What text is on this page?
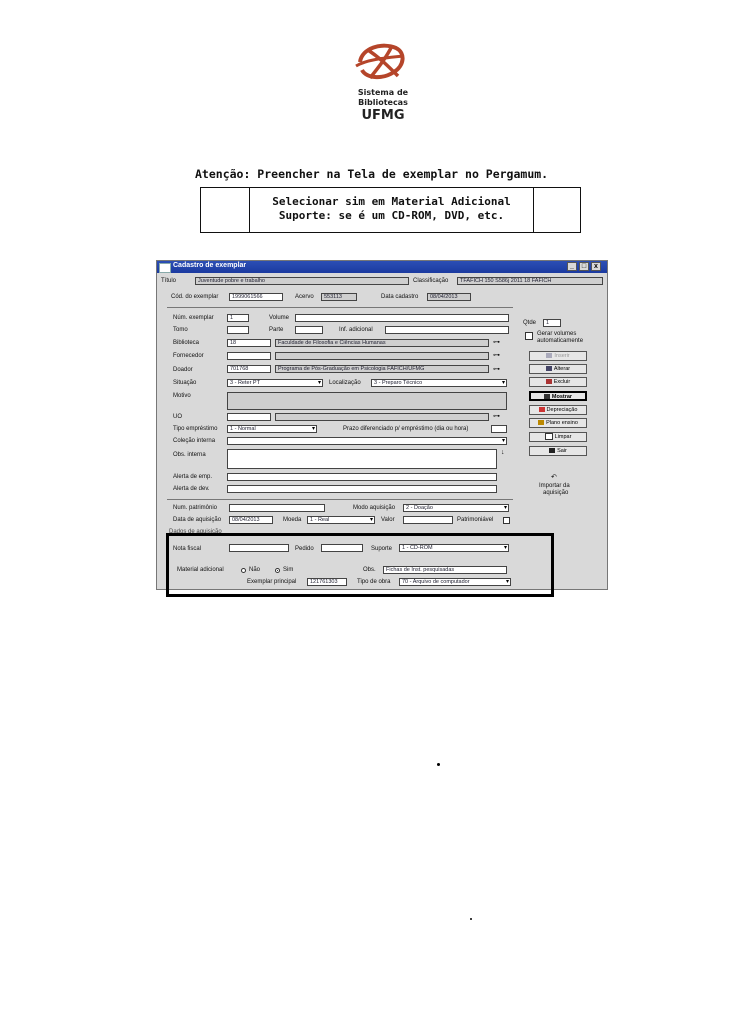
Sistema de
Bibliotecas
UFMG
Atenção: Preencher na Tela de exemplar no Pergamum.
Selecionar sim em Material Adicional
Suporte: se é um CD-ROM, DVD, etc.
Cadastro de exemplar	_	□	x
Título	Juventude pobre e trabalho	Classificação	TFAFICH 150 S586j 2011 18 FAFICH
Cód. do exemplar	1999061566	Acervo	553113	Data cadastro	08/04/2013
Núm. exemplar	1	Volume
Tomo	Parte	Inf. adicional
Biblioteca	18	Faculdade de Filosofia e Ciências Humanas	⊶
Fornecedor	⊶
Doador	701768	Programa de Pós-Graduação em Psicologia FAFICH/UFMG	⊶
Situação	3 - Reter PT ▾	Localização	3 - Preparo Técnico ▾
Motivo
UO	⊶
Tipo empréstimo	1 - Normal ▾	Prazo diferenciado p/ empréstimo (dia ou hora)
Coleção interna
▾
Obs. interna	↓
Alerta de emp.
Alerta de dev.
Qtde	1
Gerar volumes
automaticamente
Inserir
Alterar
Excluir
Mostrar
Depreciação
Plano ensino
Limpar
Sair
↶
Importar da
aquisição
Num. patrimônio	Modo aquisição	2 - Doação ▾
Data de aquisição	08/04/2013	Moeda	1 - Real ▾	Valor	Patrimoniável
Dados de aquisição
Nota fiscal	Pedido	Suporte	1 - CD-ROM ▾
Material adicional	Não	Sim	Obs.	Fichas de Inst. pesquisadas
Exemplar principal	121761303	Tipo de obra	70 - Arquivo de computador ▾
